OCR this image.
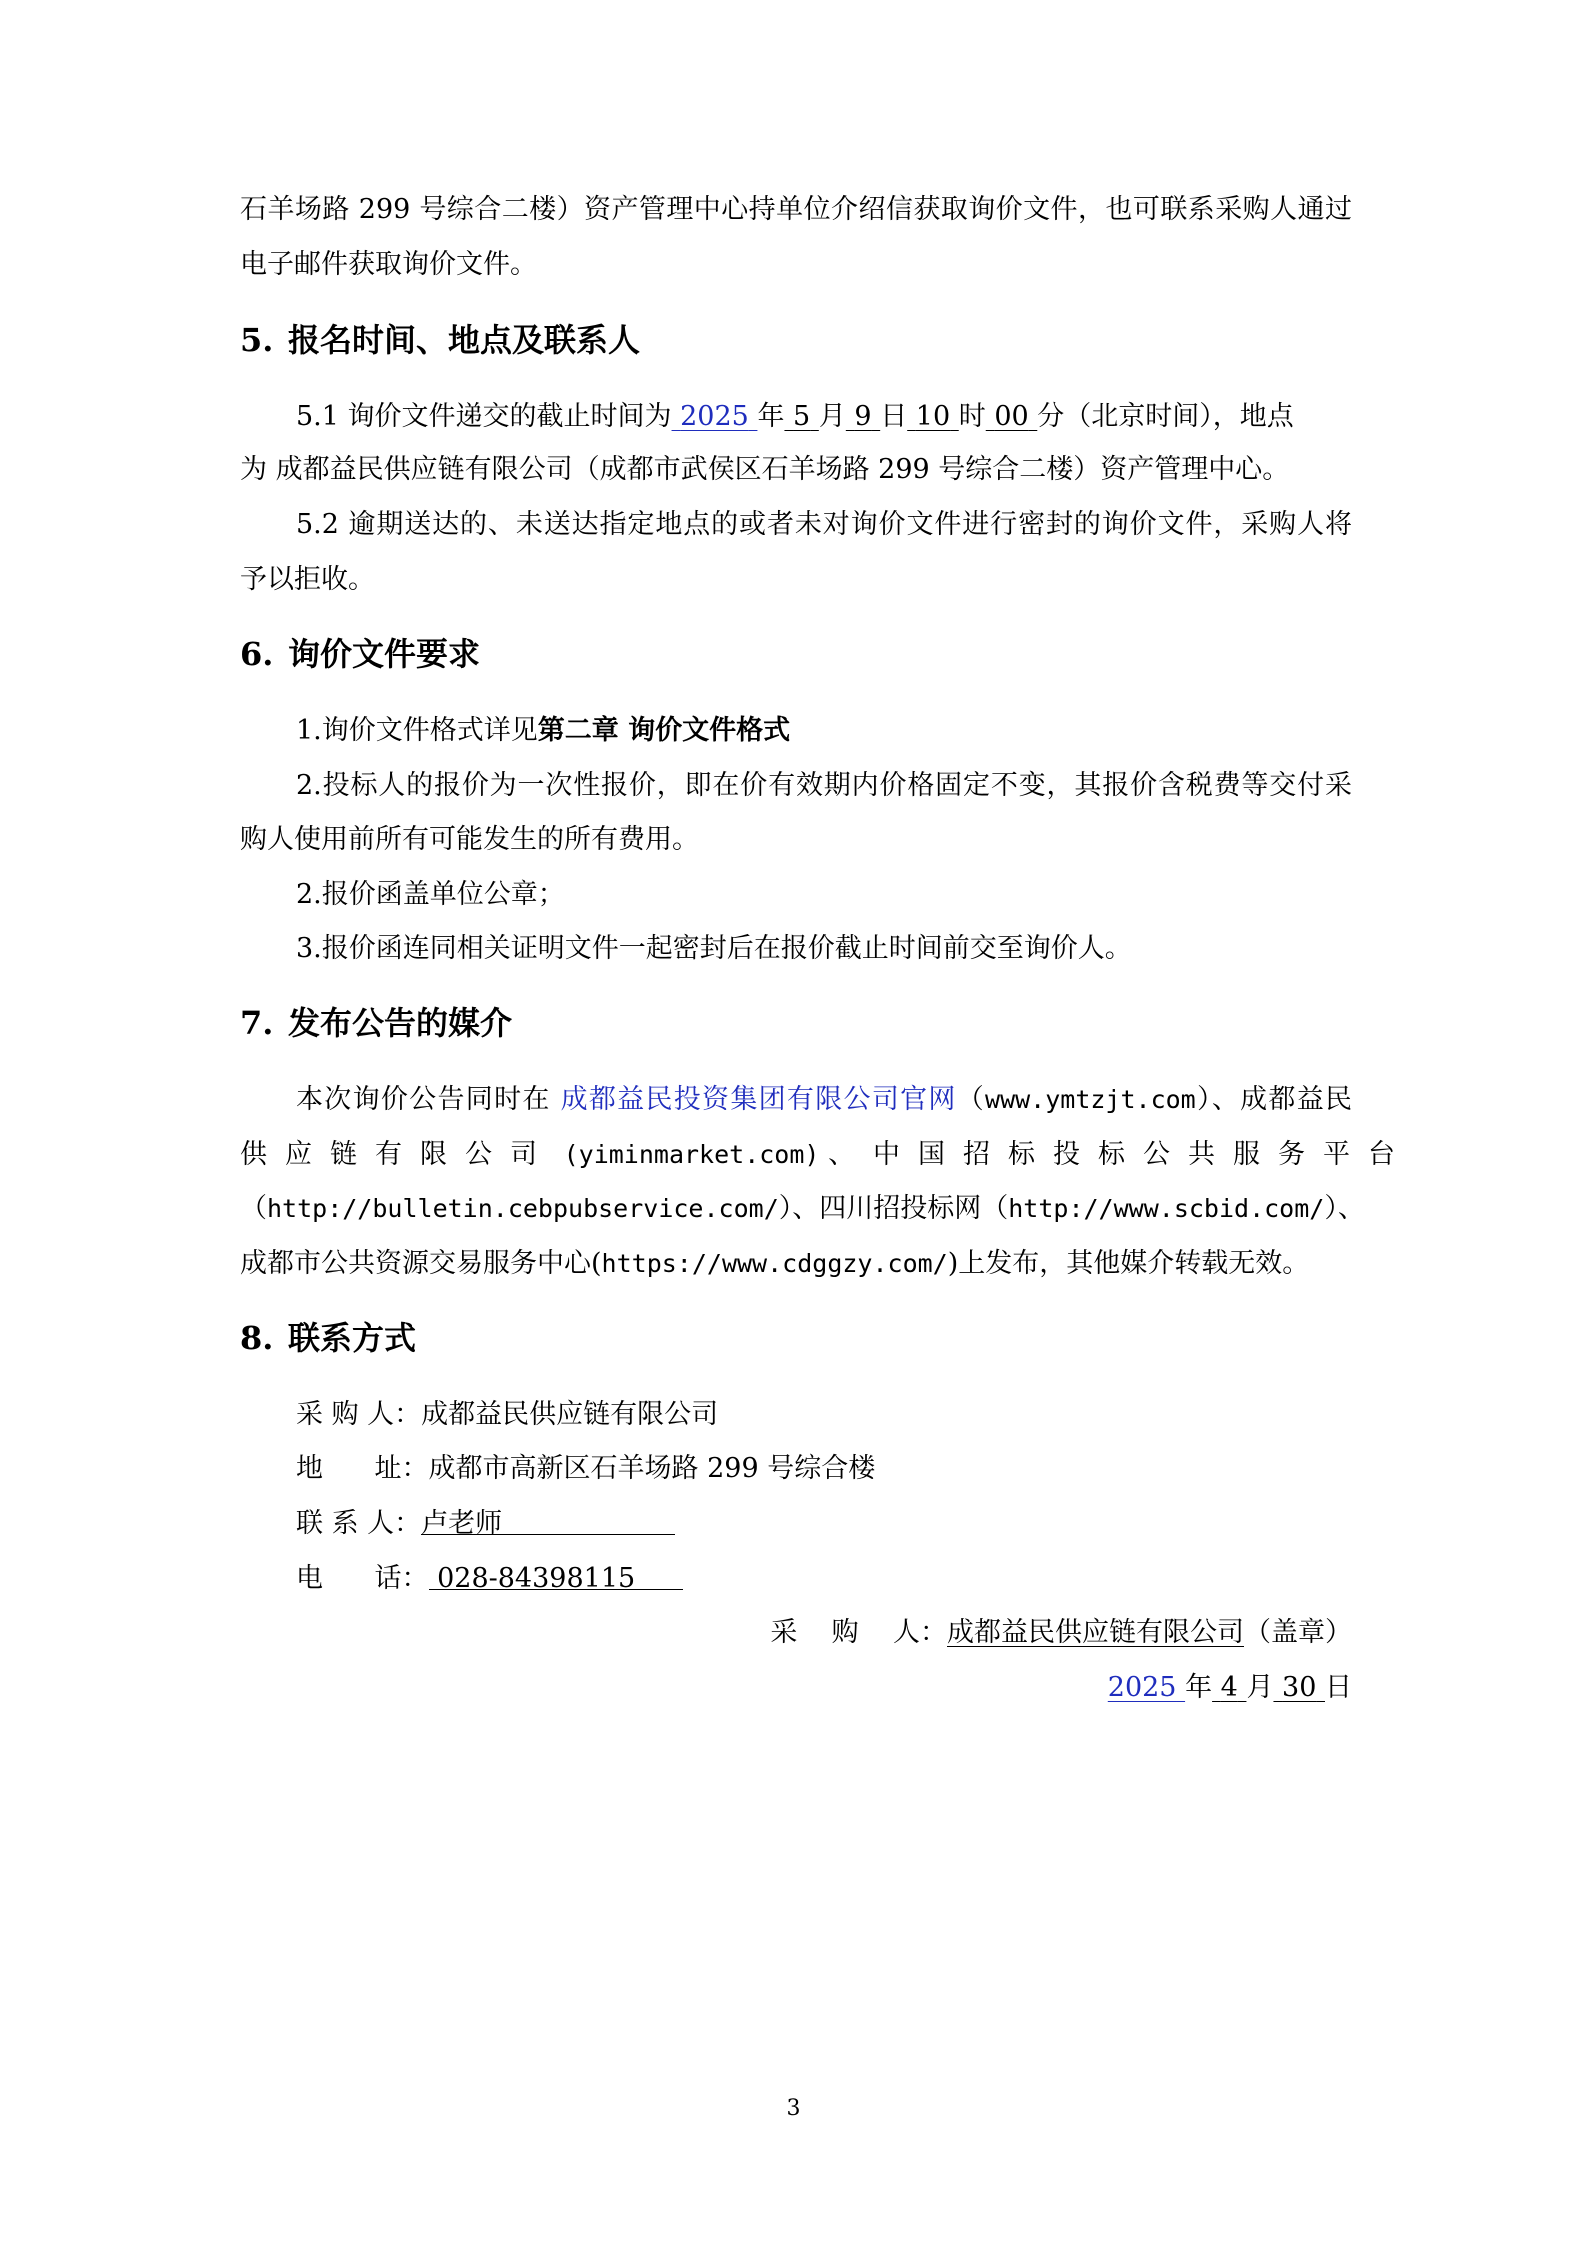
石羊场路 299 号综合二楼）资产管理中心持单位介绍信获取询价文件，也可联系采购人通过
电子邮件获取询价文件。
5. 报名时间、地点及联系人
5.1 询价文件递交的截止时间为 2025 年 5 月 9 日 10 时 00 分（北京时间），地点
为 成都益民供应链有限公司（成都市武侯区石羊场路 299 号综合二楼）资产管理中心。
5.2 逾期送达的、未送达指定地点的或者未对询价文件进行密封的询价文件，采购人将
予以拒收。
6. 询价文件要求
1.询价文件格式详见第二章 询价文件格式
2.投标人的报价为一次性报价，即在价有效期内价格固定不变，其报价含税费等交付采
购人使用前所有可能发生的所有费用。
2.报价函盖单位公章；
3.报价函连同相关证明文件一起密封后在报价截止时间前交至询价人。
7. 发布公告的媒介
本次询价公告同时在 成都益民投资集团有限公司官网（www.ymtzjt.com）、成都益民
供应链有限公司 (yiminmarket.com) 、中国招标投标公共服务平台
（http://bulletin.cebpubservice.com/）、四川招投标网（http://www.scbid.com/）、
成都市公共资源交易服务中心(https://www.cdggzy.com/)上发布，其他媒介转载无效。
8. 联系方式
采 购 人：成都益民供应链有限公司
地      址：成都市高新区石羊场路 299 号综合楼
联 系 人：卢老师
电      话： 028-84398115
采    购    人：成都益民供应链有限公司（盖章）
2025 年 4 月 30 日
3
